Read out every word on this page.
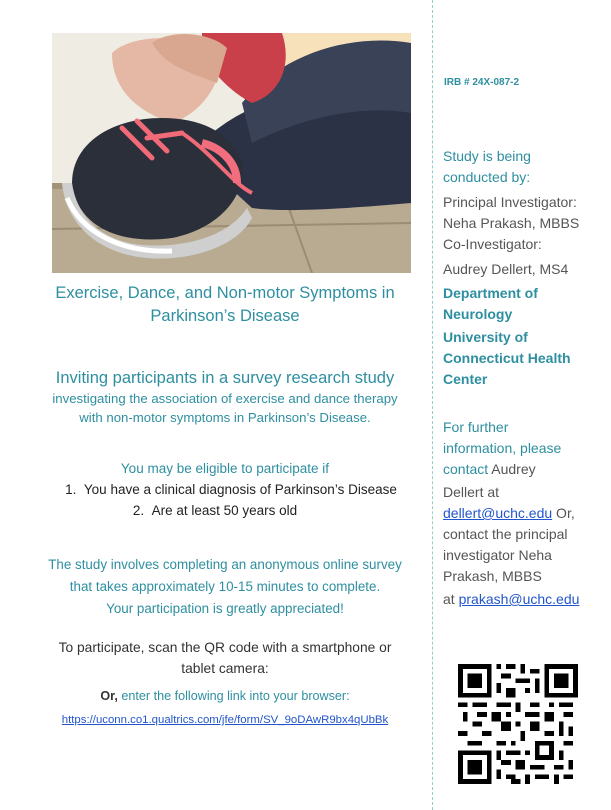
Exercise, Dance, and Non-motor Symptoms in
Parkinson’s Disease
Inviting participants in a survey research study
investigating the association of exercise and dance therapy
with non-motor symptoms in Parkinson’s Disease.
You may be eligible to participate if
1. You have a clinical diagnosis of Parkinson’s Disease
2. Are at least 50 years old
The study involves completing an anonymous online survey
that takes approximately 10-15 minutes to complete.
Your participation is greatly appreciated!
To participate, scan the QR code with a smartphone or
tablet camera:
Or, enter the following link into your browser:
https://uconn.co1.qualtrics.com/jfe/form/SV_9oDAwR9bx4qUbBk
IRB # 24X-087-2
Study is being
conducted by:
Principal Investigator:
Neha Prakash, MBBS
Co-Investigator:
Audrey Dellert, MS4
Department of
Neurology
University of
Connecticut Health
Center
For further
information, please
contact Audrey
Dellert at
dellert@uchc.edu Or,
contact the principal
investigator Neha
Prakash, MBBS
at prakash@uchc.edu
